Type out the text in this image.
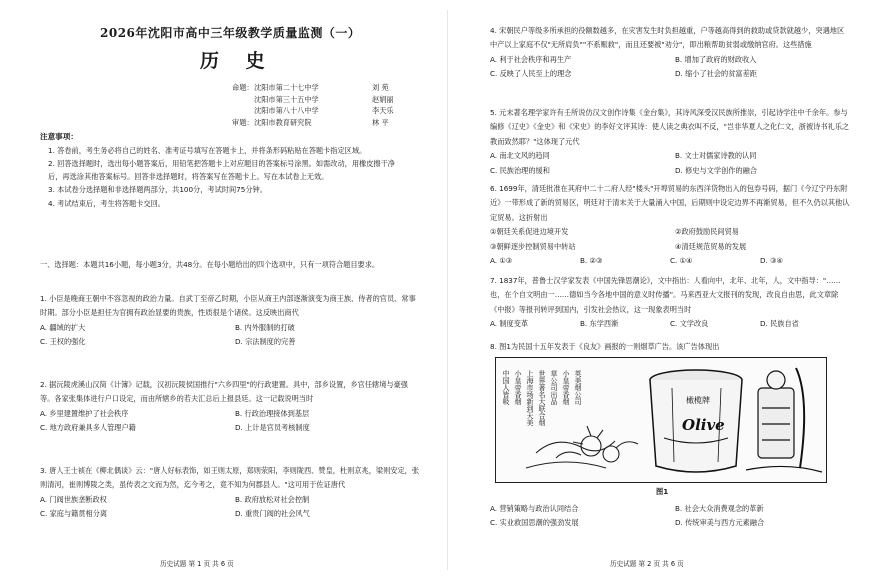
2026年沈阳市高中三年级教学质量监测（一）
历 史
命题： 沈阳市第二十七中学	刘 苑
沈阳市第三十五中学	赵娟丽
沈阳市第八十八中学	李天乐
审题： 沈阳市教育研究院	林 平
注意事项：
1. 答卷前，考生务必将自己的姓名、准考证号填写在答题卡上，并将条形码粘贴在答题卡指定区域。
2. 回答选择题时，选出每小题答案后，用铅笔把答题卡上对应题目的答案标号涂黑。如需改动，用橡皮擦干净后，再选涂其他答案标号。回答非选择题时，将答案写在答题卡上。写在本试卷上无效。
3. 本试卷分选择题和非选择题两部分，共100分，考试时间75分钟。
4. 考试结束后，考生将答题卡交回。
一、选择题：本题共16小题，每小题3分，共48分。在每小题给出的四个选项中，只有一项符合题目要求。
1. 小臣是晚商王朝中不容忽视的政治力量。自武丁至帝乙时期，小臣从商王内部逐渐演变为商王族、侍者的官员、常事时期。部分小臣是担任为官拥有政治显要的贵族，性质很是个诸侯。这反映出商代
A. 疆域的扩大	B. 内外服制的打破
C. 王权的强化	D. 宗法制度的完善
2. 据沅陵虎溪山汉简《计簿》记载，汉初沅陵侯国推行"六乡四里"的行政建置。具中，部乡设置，乡官任辖境与豪强等。各家张集体进行户口设定，而由所辖乡的若夫汇总后上报县廷。这一记载说明当时
A. 乡里建置维护了社会秩序	B. 行政治理接体到基层
C. 地方政府兼具多人管理户籍	D. 上计是官员考核制度
3. 唐人王士祯在《柳北偶谈》云："唐人好标表饰，如王则太原，郑则荥阳，李则陇西、赞皇，杜则京兆，梁则安定，张则清河，崔则博陵之类，虽传表之文而为然，迄今考之，竟不知为何郡县人。"这可用于佐证唐代
A. 门阀世族垄断政权	B. 政府放松对社会控制
C. 家庭与籍贯相分离	D. 重贵门阀的社会风气
历史试题 第 1 页 共 6 页
4. 宋朝民户等级多所承担的役额数越多，在灾害发生时负担越重，户等越高得到的救助或贷款就越少，突遇地区中产以上家庭不仅"无所肩负""不系赈救"，而且还要被"劝分"，即出粮帮助贫弱或缴纳官府。这些措施
A. 利于社会秩序和再生产	B. 增加了政府的财政收入
C. 反映了人民至上的理念	D. 缩小了社会的贫富差距
5. 元末著名理学家许有壬所说仿汉文创作诗集《金台集》，其诗风深受汉民族所推崇，引起诗学往中千余年。参与编修《辽史》《金史》和《宋史》的李好文评其诗：使人读之典衣叫不反，"岂非华夏人之化仁文，浙被诗书礼乐之教而致然耶？"这体现了元代
A. 南北文风的趋同	B. 文士对儒家诗教的认同
C. 民族治理的缓和	D. 修史与文学创作的融合
6. 1699年，清廷批准在其府中二十二府人经"楼头"开埠贸易的东西洋货物出入的包券号码，据门《今辽宁丹东附近》一带形成了新的贸易区，明廷对于清末关于大量涌入中国，后期则中设定边界不再渐贸易，但不久仍以其他认定贸易。这折射出
①朝廷关系促进边境开发	②政府鼓励民间贸易
③朝鲜逐步控制贸易中转站	④清廷规范贸易的发展
A. ①③	B. ②③	C. ①④	D. ③④
7. 1837年，普鲁士汉学家发表《中国先锋思潮论》，文中指出：人看向中，北年、北年，人，文中指导："……也，在个自文明由一……德如当今各地中国的意义时传播"。马来西亚大文报刊的发现，改良自由思，此文章除《中报》等报刊转评到国内，引发社会热议，这一现象表明当时
A. 制度变革	B. 东学西渐	C. 文学改良	D. 民族自省
8. 图1为民国十五年发表于《良友》画报的一则烟草广告。该广告体现出
中国人皆吸 小皇帝香烟 上海市场新到天美 世界著名大联合烟 草公司出品 小皇帝香烟 英美烟公司	橄榄牌
Olive
图1
A. 营销策略与政治认同结合	B. 社会大众消费观念的革新
C. 实业救国思潮的强劲发展	D. 传统审美与西方元素融合
历史试题 第 2 页 共 6 页
